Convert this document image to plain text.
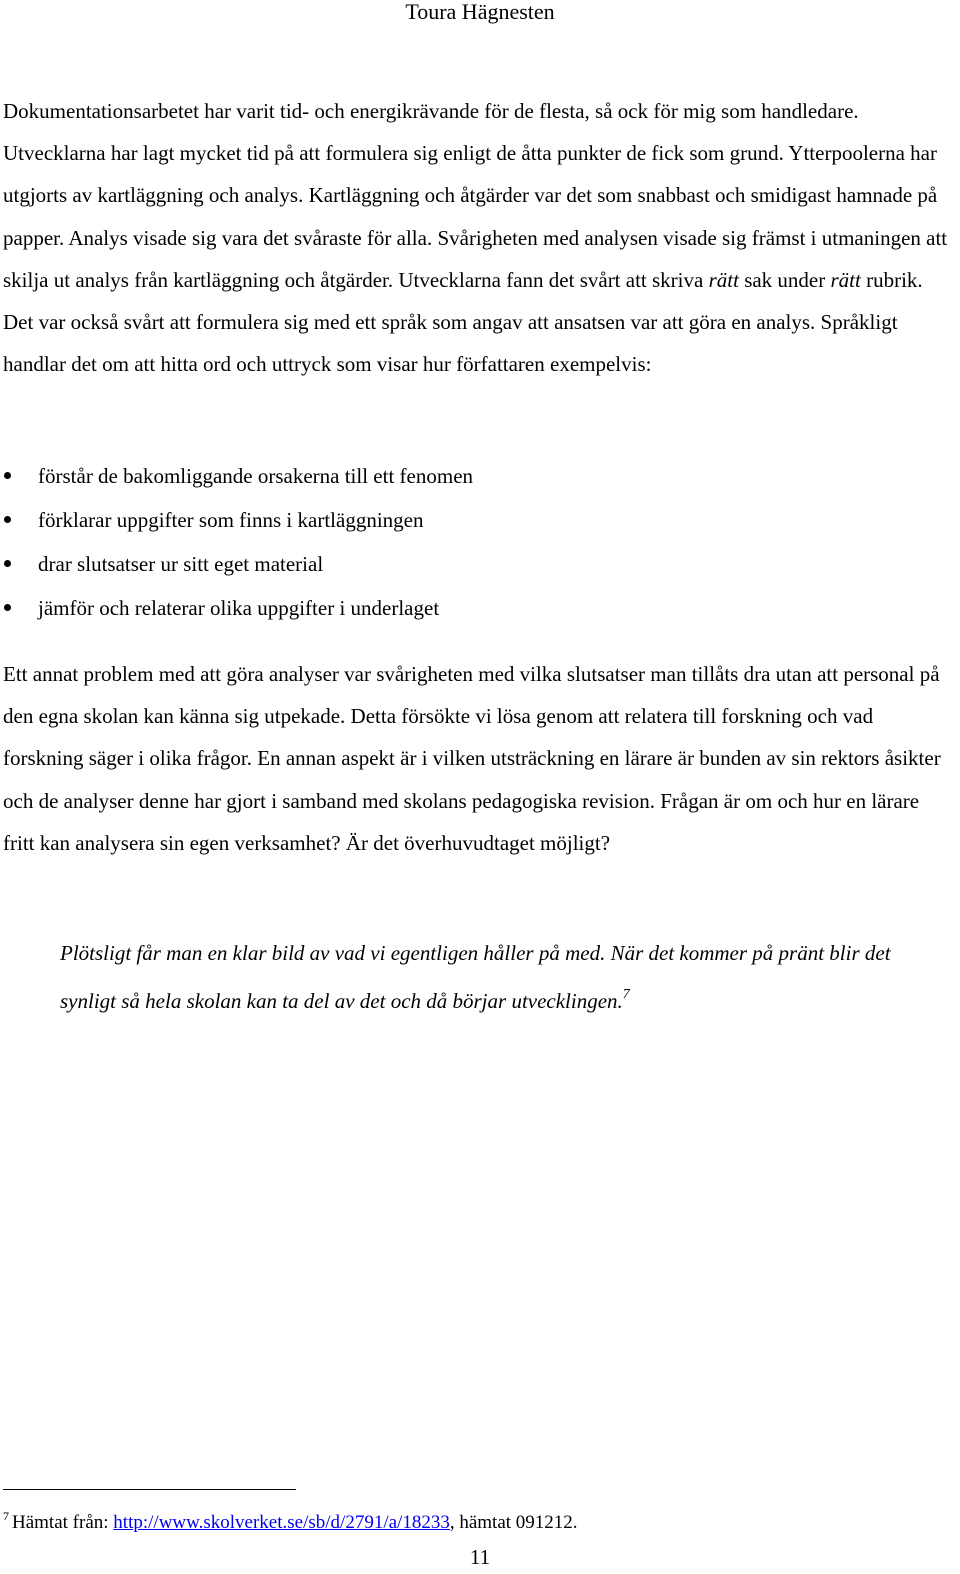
Toura Hägnesten

Dokumentationsarbetet har varit tid- och energikrävande för de flesta, så ock för mig som handledare. Utvecklarna har lagt mycket tid på att formulera sig enligt de åtta punkter de fick som grund. Ytterpoolerna har utgjorts av kartläggning och analys. Kartläggning och åtgärder var det som snabbast och smidigast hamnade på papper. Analys visade sig vara det svåraste för alla. Svårigheten med analysen visade sig främst i utmaningen att skilja ut analys från kartläggning och åtgärder. Utvecklarna fann det svårt att skriva rätt sak under rätt rubrik. Det var också svårt att formulera sig med ett språk som angav att ansatsen var att göra en analys. Språkligt handlar det om att hitta ord och uttryck som visar hur författaren exempelvis:

förstår de bakomliggande orsakerna till ett fenomen
förklarar uppgifter som finns i kartläggningen
drar slutsatser ur sitt eget material
jämför och relaterar olika uppgifter i underlaget

Ett annat problem med att göra analyser var svårigheten med vilka slutsatser man tillåts dra utan att personal på den egna skolan kan känna sig utpekade. Detta försökte vi lösa genom att relatera till forskning och vad forskning säger i olika frågor. En annan aspekt är i vilken utsträckning en lärare är bunden av sin rektors åsikter och de analyser denne har gjort i samband med skolans pedagogiska revision. Frågan är om och hur en lärare fritt kan analysera sin egen verksamhet? Är det överhuvudtaget möjligt?

Plötsligt får man en klar bild av vad vi egentligen håller på med. När det kommer på pränt blir det synligt så hela skolan kan ta del av det och då börjar utvecklingen.$^7$

$^7$ Hämtat från: http://www.skolverket.se/sb/d/2791/a/18233, hämtat 091212.
11
